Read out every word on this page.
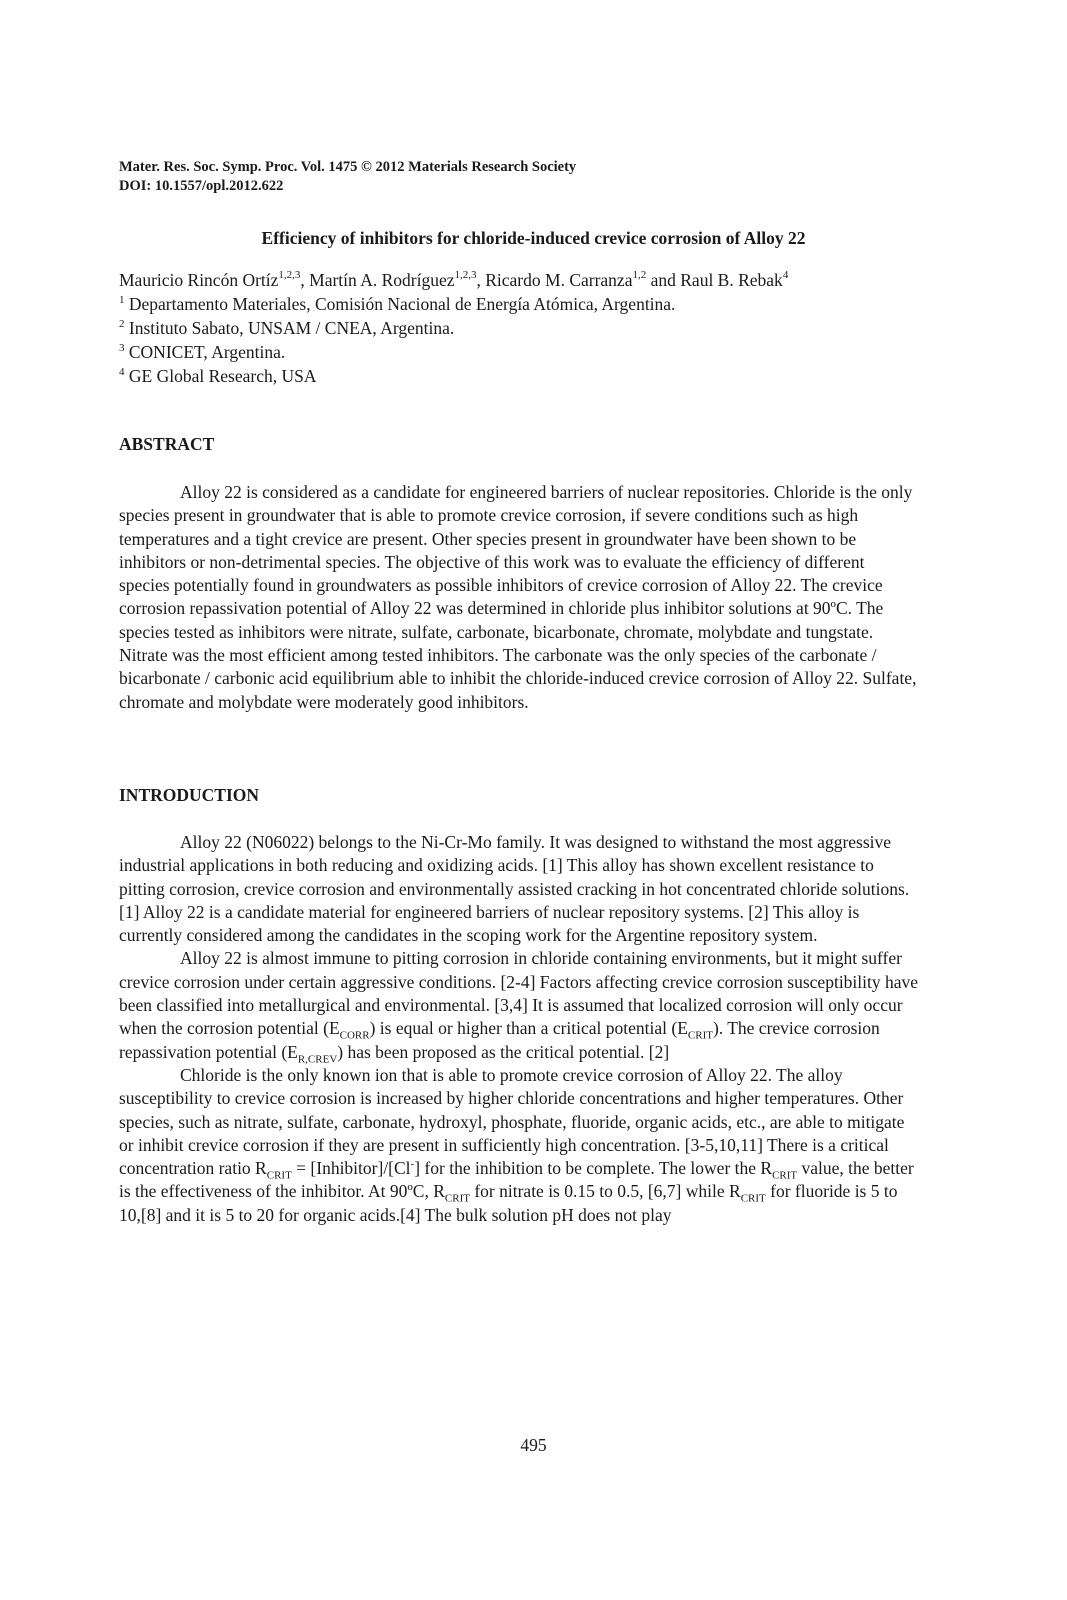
Mater. Res. Soc. Symp. Proc. Vol. 1475 © 2012 Materials Research Society
DOI: 10.1557/opl.2012.622
Efficiency of inhibitors for chloride-induced crevice corrosion of Alloy 22
Mauricio Rincón Ortíz$^{1,2,3}$, Martín A. Rodríguez$^{1,2,3}$, Ricardo M. Carranza$^{1,2}$ and Raul B. Rebak$^4$
$^1$ Departamento Materiales, Comisión Nacional de Energía Atómica, Argentina.
$^2$ Instituto Sabato, UNSAM / CNEA, Argentina.
$^3$ CONICET, Argentina.
$^4$ GE Global Research, USA
ABSTRACT

Alloy 22 is considered as a candidate for engineered barriers of nuclear repositories. Chloride is the only species present in groundwater that is able to promote crevice corrosion, if severe conditions such as high temperatures and a tight crevice are present. Other species present in groundwater have been shown to be inhibitors or non-detrimental species. The objective of this work was to evaluate the efficiency of different species potentially found in groundwaters as possible inhibitors of crevice corrosion of Alloy 22. The crevice corrosion repassivation potential of Alloy 22 was determined in chloride plus inhibitor solutions at 90ºC. The species tested as inhibitors were nitrate, sulfate, carbonate, bicarbonate, chromate, molybdate and tungstate. Nitrate was the most efficient among tested inhibitors. The carbonate was the only species of the carbonate / bicarbonate / carbonic acid equilibrium able to inhibit the chloride-induced crevice corrosion of Alloy 22. Sulfate, chromate and molybdate were moderately good inhibitors.

INTRODUCTION

Alloy 22 (N06022) belongs to the Ni-Cr-Mo family. It was designed to withstand the most aggressive industrial applications in both reducing and oxidizing acids. [1] This alloy has shown excellent resistance to pitting corrosion, crevice corrosion and environmentally assisted cracking in hot concentrated chloride solutions. [1] Alloy 22 is a candidate material for engineered barriers of nuclear repository systems. [2] This alloy is currently considered among the candidates in the scoping work for the Argentine repository system.

Alloy 22 is almost immune to pitting corrosion in chloride containing environments, but it might suffer crevice corrosion under certain aggressive conditions. [2-4] Factors affecting crevice corrosion susceptibility have been classified into metallurgical and environmental. [3,4] It is assumed that localized corrosion will only occur when the corrosion potential $(E_{CORR})$ is equal or higher than a critical potential $(E_{CRIT})$. The crevice corrosion repassivation potential $(E_{R,CREV})$ has been proposed as the critical potential. [2]

Chloride is the only known ion that is able to promote crevice corrosion of Alloy 22. The alloy susceptibility to crevice corrosion is increased by higher chloride concentrations and higher temperatures. Other species, such as nitrate, sulfate, carbonate, hydroxyl, phosphate, fluoride, organic acids, etc., are able to mitigate or inhibit crevice corrosion if they are present in sufficiently high concentration. [3-5,10,11] There is a critical concentration ratio $R_{CRIT}$ = [Inhibitor]/[Cl-] for the inhibition to be complete. The lower the $R_{CRIT}$ value, the better is the effectiveness of the inhibitor. At 90ºC, $R_{CRIT}$ for nitrate is 0.15 to 0.5, [6,7] while $R_{CRIT}$ for fluoride is 5 to 10,[8] and it is 5 to 20 for organic acids.[4] The bulk solution pH does not play

495
